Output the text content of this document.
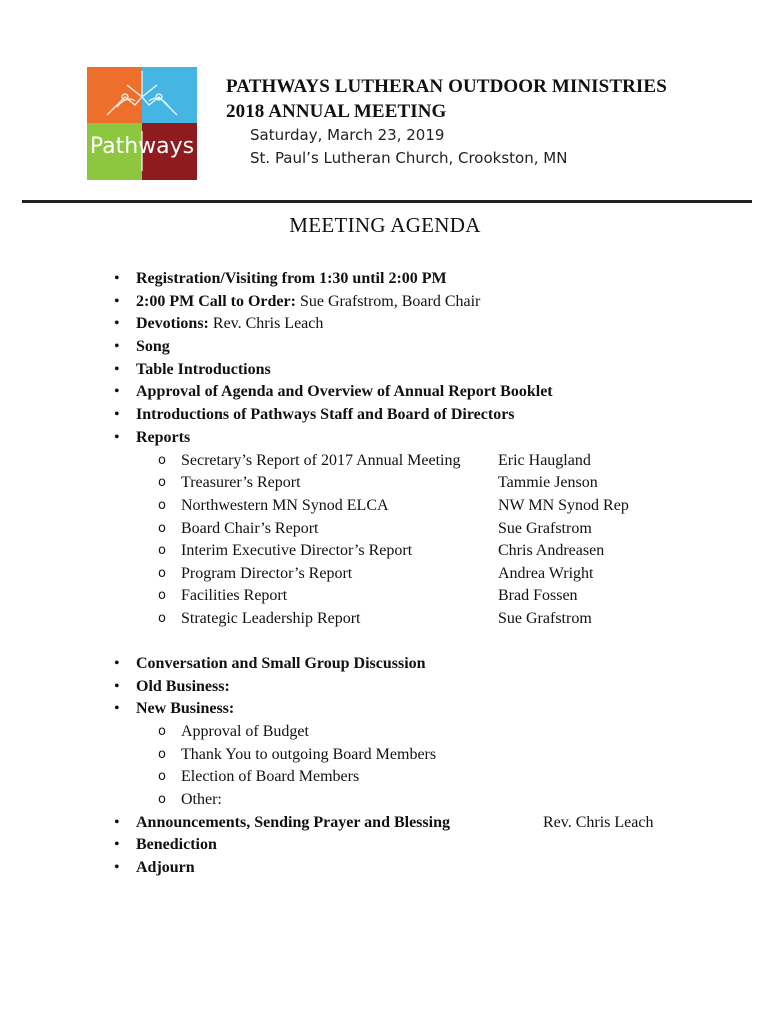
Pathways
PATHWAYS LUTHERAN OUTDOOR MINISTRIES
2018 ANNUAL MEETING
Saturday, March 23, 2019
St. Paul’s Lutheran Church, Crookston, MN
MEETING AGENDA
• Registration/Visiting from 1:30 until 2:00 PM
• 2:00 PM Call to Order: Sue Grafstrom, Board Chair
• Devotions: Rev. Chris Leach
• Song
• Table Introductions
• Approval of Agenda and Overview of Annual Report Booklet
• Introductions of Pathways Staff and Board of Directors
• Reports
o Secretary’s Report of 2017 Annual Meeting Eric Haugland
o Treasurer’s Report	Tammie Jenson
o Northwestern MN Synod ELCA	NW MN Synod Rep
o Board Chair’s Report	Sue Grafstrom
o Interim Executive Director’s Report	Chris Andreasen
o Program Director’s Report	Andrea Wright
o Facilities Report	Brad Fossen
o Strategic Leadership Report	Sue Grafstrom
• Conversation and Small Group Discussion
• Old Business:
• New Business:
o Approval of Budget
o Thank You to outgoing Board Members
o Election of Board Members
o Other:
• Announcements, Sending Prayer and Blessing	Rev. Chris Leach
• Benediction
• Adjourn
